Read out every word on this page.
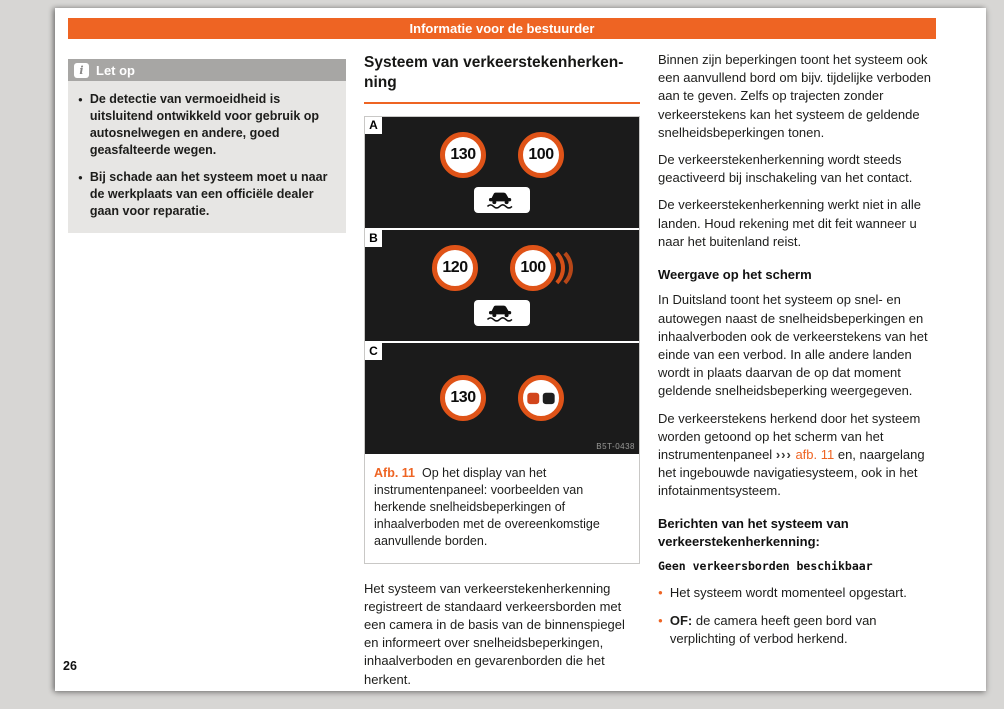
Informatie voor de bestuurder
i Let op
● De detectie van vermoeidheid is uitsluitend ontwikkeld voor gebruik op autosnelwegen en andere, goed geasfalteerde wegen.
● Bij schade aan het systeem moet u naar de werkplaats van een officiële dealer gaan voor reparatie.
Systeem van verkeerstekenherken-
ning
A
130	100
B
120	100
C
130
B5T-0438
Afb. 11 Op het display van het instrumentenpaneel: voorbeelden van herkende snelheidsbeperkingen of inhaalverboden met de overeenkomstige aanvullende borden.

Het systeem van verkeerstekenherkenning registreert de standaard verkeersborden met een camera in de basis van de binnenspiegel en informeert over snelheidsbeperkingen, inhaalverboden en gevarenborden die het herkent.

Binnen zijn beperkingen toont het systeem ook een aanvullend bord om bijv. tijdelijke verboden aan te geven. Zelfs op trajecten zonder verkeerstekens kan het systeem de geldende snelheidsbeperkingen tonen.

De verkeerstekenherkenning wordt steeds geactiveerd bij inschakeling van het contact.

De verkeerstekenherkenning werkt niet in alle landen. Houd rekening met dit feit wanneer u naar het buitenland reist.

Weergave op het scherm

In Duitsland toont het systeem op snel- en autowegen naast de snelheidsbeperkingen en inhaalverboden ook de verkeerstekens van het einde van een verbod. In alle andere landen wordt in plaats daarvan de op dat moment geldende snelheidsbeperking weergegeven.

De verkeerstekens herkend door het systeem worden getoond op het scherm van het instrumentenpaneel ››› afb. 11 en, naargelang het ingebouwde navigatiesysteem, ook in het infotainmentsysteem.

Berichten van het systeem van verkeerstekenherkenning:
Geen verkeersborden beschikbaar
● Het systeem wordt momenteel opgestart.
● OF: de camera heeft geen bord van verplichting of verbod herkend.
26
